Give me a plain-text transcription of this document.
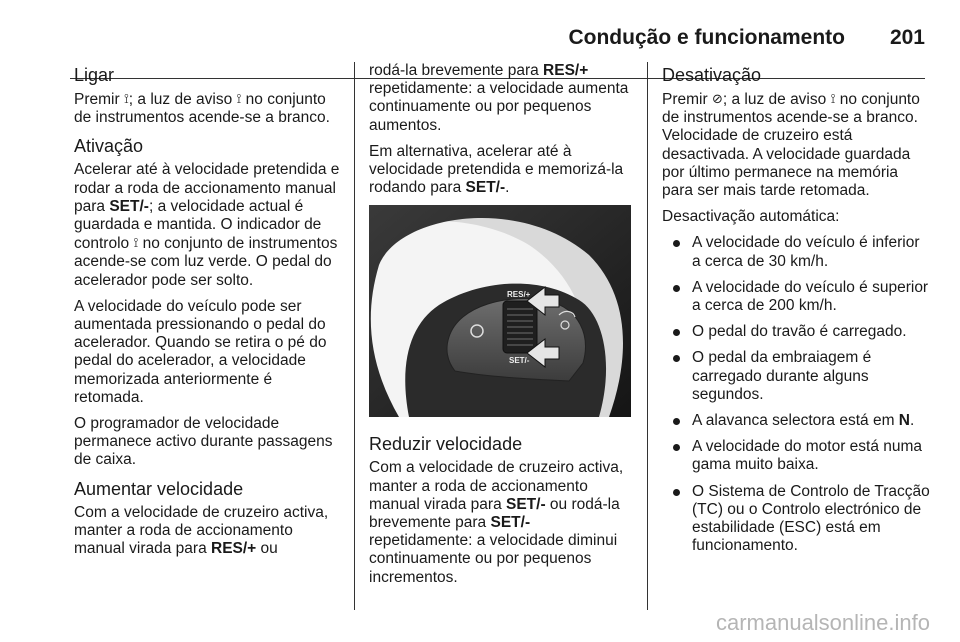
Condução e funcionamento 201
Ligar

Premir ⟟; a luz de aviso ⟟ no conjunto de instrumentos acende-se a branco.

Ativação

Acelerar até à velocidade pretendida e rodar a roda de accionamento manual para SET/-; a velocidade actual é guardada e mantida. O indicador de controlo ⟟ no conjunto de instrumentos acende-se com luz verde. O pedal do acelerador pode ser solto.

A velocidade do veículo pode ser aumentada pressionando o pedal do acelerador. Quando se retira o pé do pedal do acelerador, a velocidade memorizada anteriormente é retomada.

O programador de velocidade permanece activo durante passagens de caixa.

Aumentar velocidade

Com a velocidade de cruzeiro activa, manter a roda de accionamento manual virada para RES/+ ou

rodá-la brevemente para RES/+ repetidamente: a velocidade aumenta continuamente ou por pequenos aumentos.

Em alternativa, acelerar até à velocidade pretendida e memorizá-la rodando para SET/-.

RES/+
SET/-
Reduzir velocidade

Com a velocidade de cruzeiro activa, manter a roda de accionamento manual virada para SET/- ou rodá-la brevemente para SET/- repetidamente: a velocidade diminui continuamente ou por pequenos incrementos.

Desativação

Premir ⊘; a luz de aviso ⟟ no conjunto de instrumentos acende-se a branco. Velocidade de cruzeiro está desactivada. A velocidade guardada por último permanece na memória para ser mais tarde retomada.

Desactivação automática:

A velocidade do veículo é inferior a cerca de 30 km/h.
A velocidade do veículo é superior a cerca de 200 km/h.
O pedal do travão é carregado.
O pedal da embraiagem é carregado durante alguns segundos.
A alavanca selectora está em N.
A velocidade do motor está numa gama muito baixa.
O Sistema de Controlo de Tracção (TC) ou o Controlo electrónico de estabilidade (ESC) está em funcionamento.
carmanualsonline.info
